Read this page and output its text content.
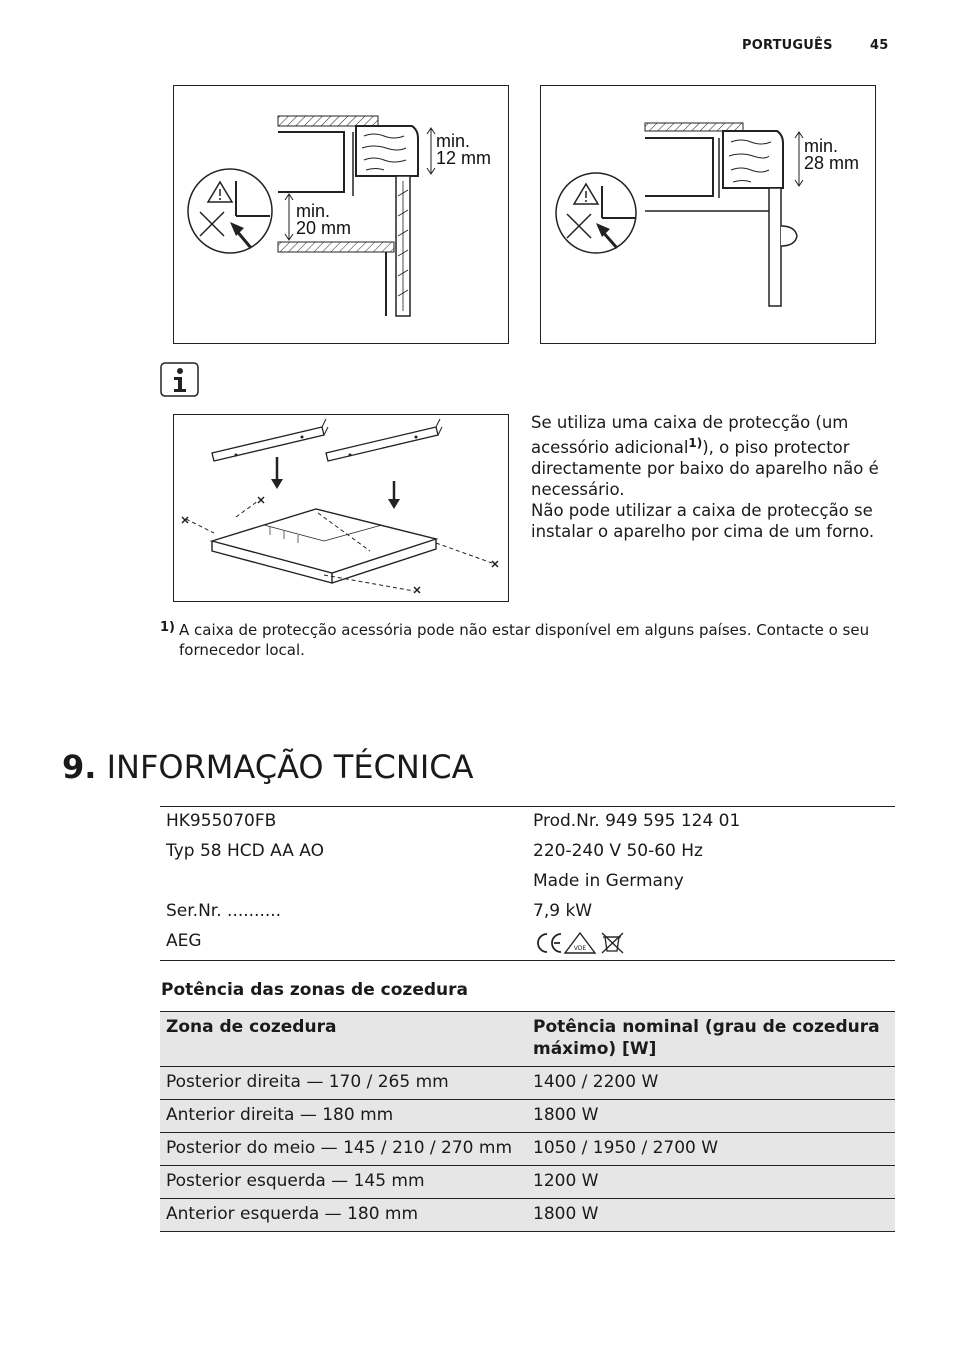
PORTUGUÊS	45
min.
12 mm
min.
20 mm
min.
28 mm

Se utiliza uma caixa de protecção (um acessório adicional$^{1)}$), o piso protector directamente por baixo do aparelho não é necessário.

Não pode utilizar a caixa de protecção se instalar o aparelho por cima de um forno.

1) A caixa de protecção acessória pode não estar disponível em alguns países. Contacte o seu fornecedor local.
9. INFORMAÇÃO TÉCNICA
HK955070FB	Prod.Nr. 949 595 124 01
Typ 58 HCD AA AO	220-240 V 50-60 Hz
	Made in Germany
Ser.Nr. ..........	7,9 kW
AEG	VDE
Potência das zonas de cozedura
Zona de cozedura	Potência nominal (grau de cozedura máximo) [W]
Posterior direita — 170 / 265 mm	1400 / 2200 W
Anterior direita — 180 mm	1800 W
Posterior do meio — 145 / 210 / 270 mm	1050 / 1950 / 2700 W
Posterior esquerda — 145 mm	1200 W
Anterior esquerda — 180 mm	1800 W
